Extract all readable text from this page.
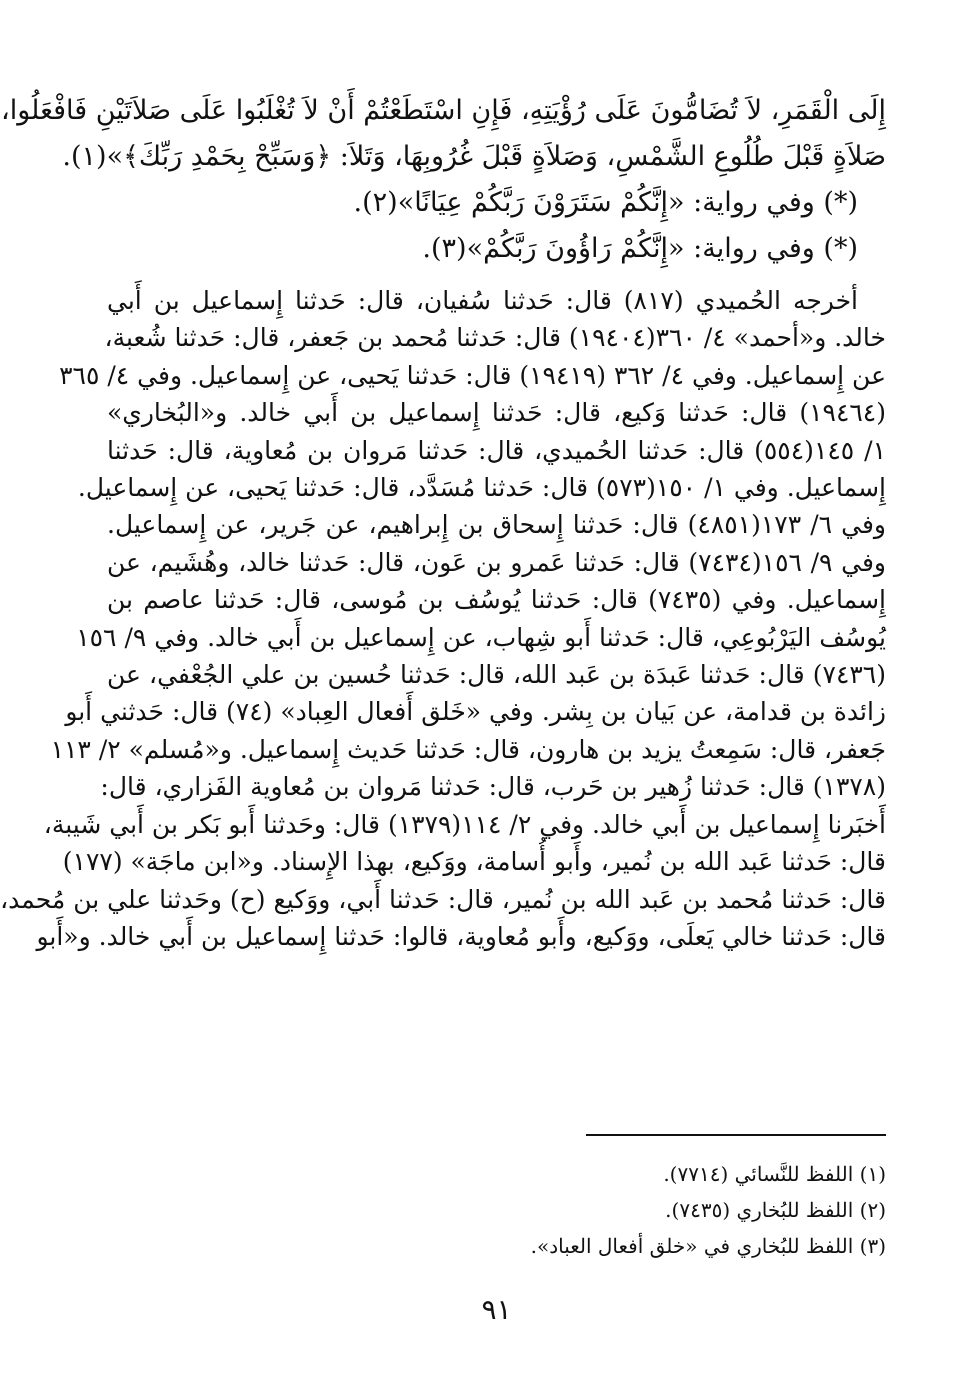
إِلَى الْقَمَرِ، لاَ تُضَامُّونَ عَلَى رُؤْيَتِهِ، فَإِنِ اسْتَطَعْتُمْ أَنْ لاَ تُغْلَبُوا عَلَى صَلاَتَيْنِ فَافْعَلُوا،
صَلاَةٍ قَبْلَ طُلُوعِ الشَّمْسِ، وَصَلاَةٍ قَبْلَ غُرُوبِهَا، وَتَلاَ: ﴿وَسَبِّحْ بِحَمْدِ رَبِّكَ﴾»(١).
(*) وفي رواية: «إِنَّكُمْ سَتَرَوْنَ رَبَّكُمْ عِيَانًا»(٢).
(*) وفي رواية: «إِنَّكُمْ رَاؤُونَ رَبَّكُمْ»(٣).
أخرجه الحُميدي (٨١٧) قال: حَدثنا سُفيان، قال: حَدثنا إِسماعيل بن أَبي
خالد. و«أحمد» ٤/ ٣٦٠(١٩٤٠٤) قال: حَدثنا مُحمد بن جَعفر، قال: حَدثنا شُعبة،
عن إِسماعيل. وفي ٤/ ٣٦٢ (١٩٤١٩) قال: حَدثنا يَحيى، عن إِسماعيل. وفي ٤/ ٣٦٥
(١٩٤٦٤) قال: حَدثنا وَكيع، قال: حَدثنا إِسماعيل بن أَبي خالد. و«البُخاري»
١/ ١٤٥(٥٥٤) قال: حَدثنا الحُميدي، قال: حَدثنا مَروان بن مُعاوية، قال: حَدثنا
إِسماعيل. وفي ١/ ١٥٠(٥٧٣) قال: حَدثنا مُسَدَّد، قال: حَدثنا يَحيى، عن إِسماعيل.
وفي ٦/ ١٧٣(٤٨٥١) قال: حَدثنا إِسحاق بن إِبراهيم، عن جَرير، عن إِسماعيل.
وفي ٩/ ١٥٦(٧٤٣٤) قال: حَدثنا عَمرو بن عَون، قال: حَدثنا خالد، وهُشَيم، عن
إِسماعيل. وفي (٧٤٣٥) قال: حَدثنا يُوسُف بن مُوسى، قال: حَدثنا عاصم بن
يُوسُف اليَرْبُوعِي، قال: حَدثنا أَبو شِهاب، عن إِسماعيل بن أَبي خالد. وفي ٩/ ١٥٦
(٧٤٣٦) قال: حَدثنا عَبدَة بن عَبد الله، قال: حَدثنا حُسين بن علي الجُعْفي، عن
زائدة بن قدامة، عن بَيان بن بِشر. وفي «خَلق أَفعال العِباد» (٧٤) قال: حَدثني أَبو
جَعفر، قال: سَمِعتُ يزيد بن هارون، قال: حَدثنا حَديث إِسماعيل. و«مُسلم» ٢/ ١١٣
(١٣٧٨) قال: حَدثنا زُهير بن حَرب، قال: حَدثنا مَروان بن مُعاوية الفَزاري، قال:
أَخبَرنا إِسماعيل بن أَبي خالد. وفي ٢/ ١١٤(١٣٧٩) قال: وحَدثنا أَبو بَكر بن أَبي شَيبة،
قال: حَدثنا عَبد الله بن نُمير، وأَبو أُسامة، ووَكيع، بهذا الإِسناد. و«ابن ماجَة» (١٧٧)
قال: حَدثنا مُحمد بن عَبد الله بن نُمير، قال: حَدثنا أَبي، ووَكيع (ح) وحَدثنا علي بن مُحمد،
قال: حَدثنا خالي يَعلَى، ووَكيع، وأَبو مُعاوية، قالوا: حَدثنا إِسماعيل بن أَبي خالد. و«أَبو
(١) اللفظ للنَّسائي (٧٧١٤).
(٢) اللفظ للبُخاري (٧٤٣٥).
(٣) اللفظ للبُخاري في «خلق أفعال العباد».
٩١
